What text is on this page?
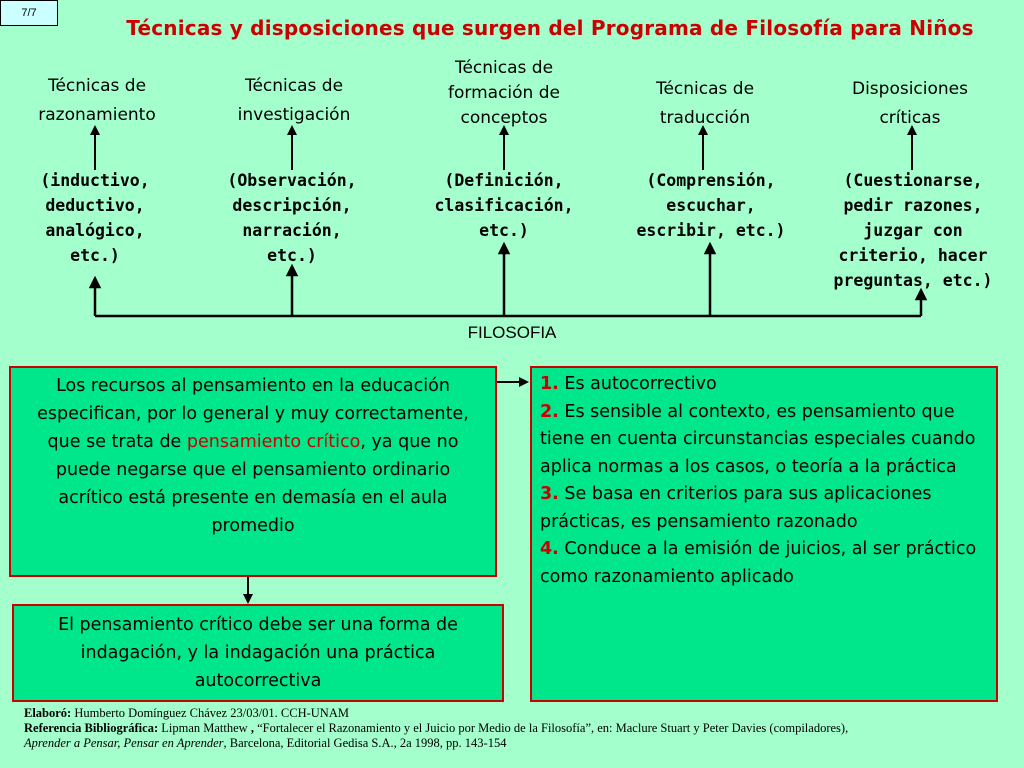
7/7
Técnicas y disposiciones que surgen del Programa de Filosofía para Niños
Técnicas de
razonamiento
(inductivo,
deductivo,
analógico,
etc.)
Técnicas de
investigación
(Observación,
descripción,
narración,
etc.)
Técnicas de
formación de
conceptos
(Definición,
clasificación,
etc.)
Técnicas de
traducción
(Comprensión,
escuchar,
escribir, etc.)
Disposiciones
críticas
(Cuestionarse,
pedir razones,
juzgar con
criterio, hacer
preguntas, etc.)
FILOSOFIA
Los recursos al pensamiento en la educación especifican, por lo general y muy correctamente, que se trata de pensamiento crítico, ya que no puede negarse que el pensamiento ordinario acrítico está presente en demasía en el aula promedio
El pensamiento crítico debe ser una forma de indagación, y la indagación una práctica autocorrectiva
1. Es autocorrectivo
2. Es sensible al contexto, es pensamiento que tiene en cuenta circunstancias especiales cuando aplica normas a los casos, o teoría a la práctica
3. Se basa en criterios para sus aplicaciones prácticas, es pensamiento razonado
4. Conduce a la emisión de juicios, al ser práctico como razonamiento aplicado
Elaboró: Humberto Domínguez Chávez 23/03/01. CCH-UNAM
Referencia Bibliográfica: Lipman Matthew , “Fortalecer el Razonamiento y el Juicio por Medio de la Filosofía”, en: Maclure Stuart y Peter Davies (compiladores),
Aprender a Pensar, Pensar en Aprender, Barcelona, Editorial Gedisa S.A., 2a 1998, pp. 143-154
